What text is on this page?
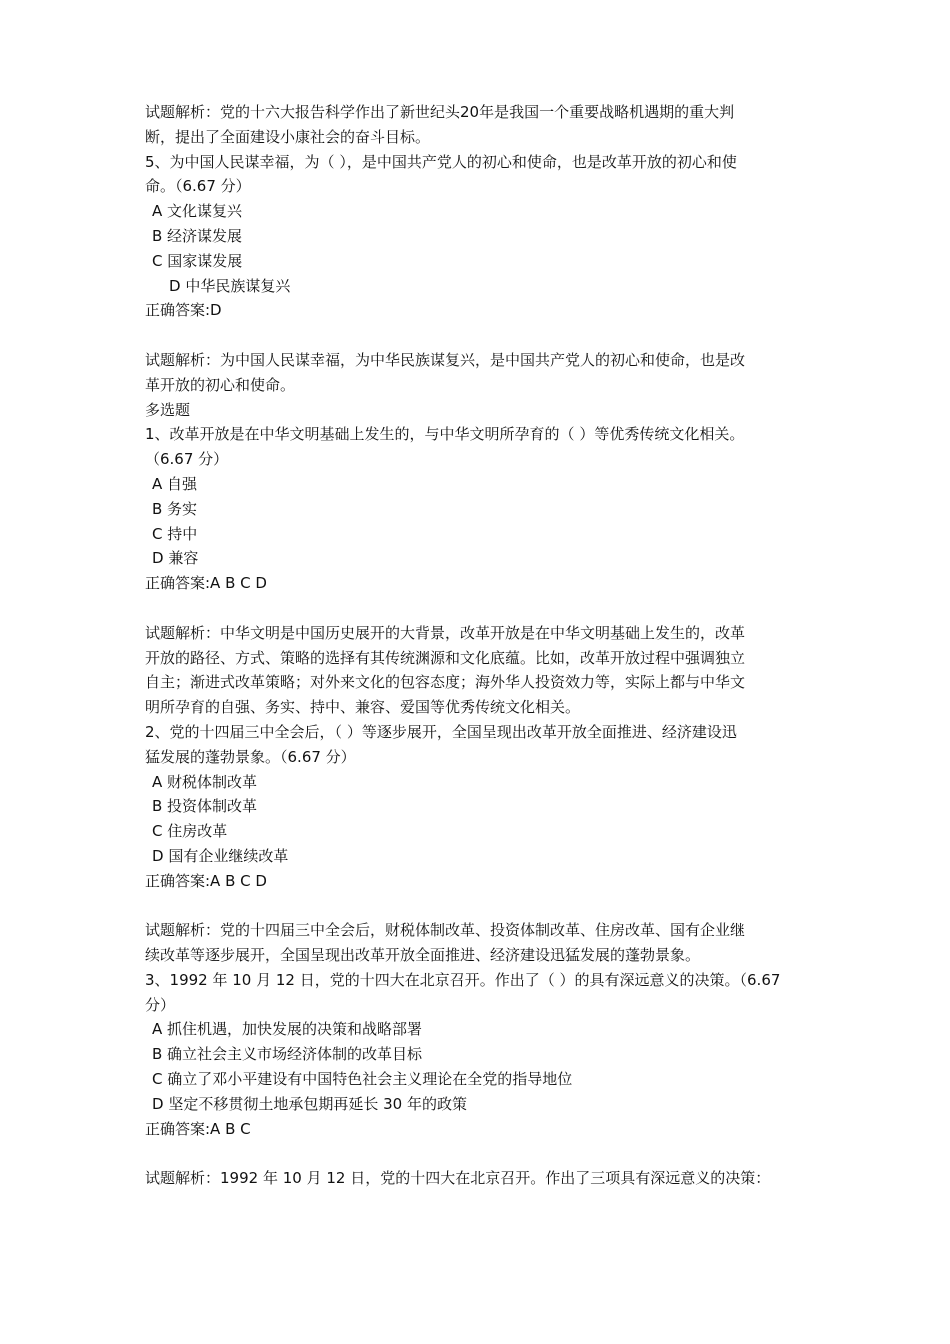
试题解析：党的十六大报告科学作出了新世纪头20年是我国一个重要战略机遇期的重大判
断，提出了全面建设小康社会的奋斗目标。
5、为中国人民谋幸福，为（ ），是中国共产党人的初心和使命，也是改革开放的初心和使
命。（6.67 分）
A 文化谋复兴
B 经济谋发展
C 国家谋发展
D 中华民族谋复兴
正确答案:D
试题解析：为中国人民谋幸福，为中华民族谋复兴，是中国共产党人的初心和使命，也是改
革开放的初心和使命。
多选题
1、改革开放是在中华文明基础上发生的，与中华文明所孕育的（ ）等优秀传统文化相关。
（6.67 分）
A 自强
B 务实
C 持中
D 兼容
正确答案:A B C D
试题解析：中华文明是中国历史展开的大背景，改革开放是在中华文明基础上发生的，改革
开放的路径、方式、策略的选择有其传统渊源和文化底蕴。比如，改革开放过程中强调独立
自主；渐进式改革策略；对外来文化的包容态度；海外华人投资效力等，实际上都与中华文
明所孕育的自强、务实、持中、兼容、爱国等优秀传统文化相关。
2、党的十四届三中全会后，（ ）等逐步展开，全国呈现出改革开放全面推进、经济建设迅
猛发展的蓬勃景象。（6.67 分）
A 财税体制改革
B 投资体制改革
C 住房改革
D 国有企业继续改革
正确答案:A B C D
试题解析：党的十四届三中全会后，财税体制改革、投资体制改革、住房改革、国有企业继
续改革等逐步展开，全国呈现出改革开放全面推进、经济建设迅猛发展的蓬勃景象。
3、1992 年 10 月 12 日，党的十四大在北京召开。作出了（ ）的具有深远意义的决策。（6.67
分）
A 抓住机遇，加快发展的决策和战略部署
B 确立社会主义市场经济体制的改革目标
C 确立了邓小平建设有中国特色社会主义理论在全党的指导地位
D 坚定不移贯彻土地承包期再延长 30 年的政策
正确答案:A B C
试题解析：1992 年 10 月 12 日，党的十四大在北京召开。作出了三项具有深远意义的决策：
